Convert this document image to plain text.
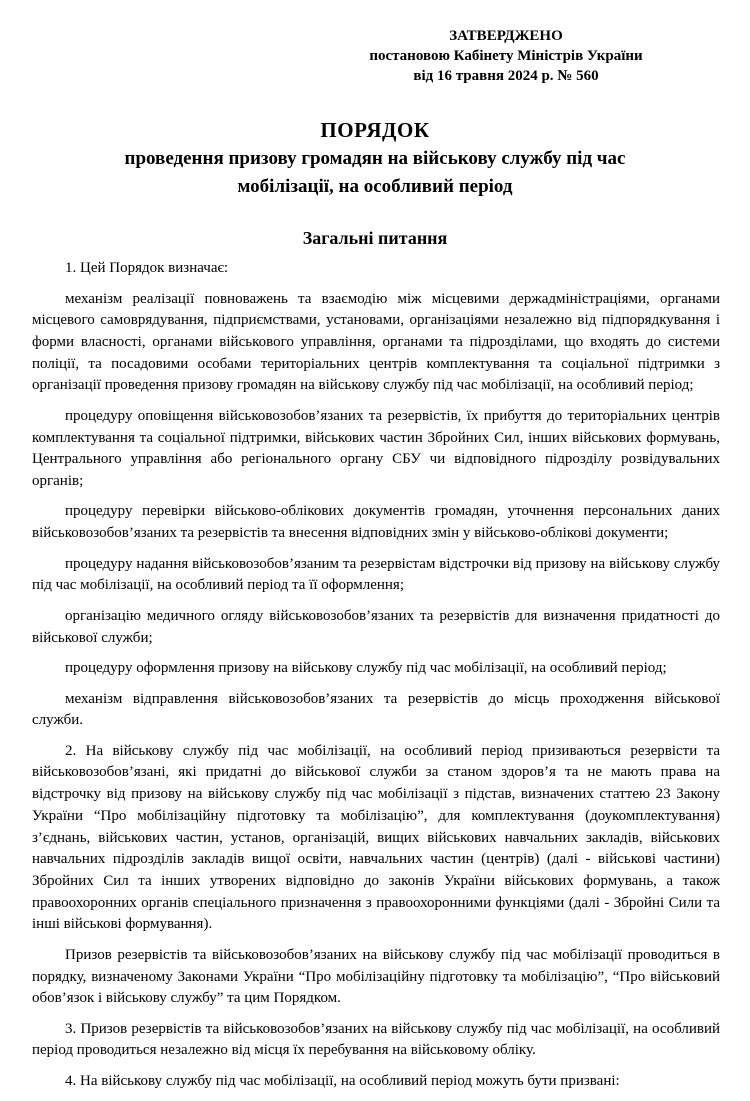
ЗАТВЕРДЖЕНО
постановою Кабінету Міністрів України
від 16 травня 2024 р. № 560
ПОРЯДОК
проведення призову громадян на військову службу під час
мобілізації, на особливий період
Загальні питання

1. Цей Порядок визначає:

механізм реалізації повноважень та взаємодію між місцевими держадміністраціями, органами місцевого самоврядування, підприємствами, установами, організаціями незалежно від підпорядкування і форми власності, органами військового управління, органами та підрозділами, що входять до системи поліції, та посадовими особами територіальних центрів комплектування та соціальної підтримки з організації проведення призову громадян на військову службу під час мобілізації, на особливий період;

процедуру оповіщення військовозобов’язаних та резервістів, їх прибуття до територіальних центрів комплектування та соціальної підтримки, військових частин Збройних Сил, інших військових формувань, Центрального управління або регіонального органу СБУ чи відповідного підрозділу розвідувальних органів;

процедуру перевірки військово-облікових документів громадян, уточнення персональних даних військовозобов’язаних та резервістів та внесення відповідних змін у військово-облікові документи;

процедуру надання військовозобов’язаним та резервістам відстрочки від призову на військову службу під час мобілізації, на особливий період та її оформлення;

організацію медичного огляду військовозобов’язаних та резервістів для визначення придатності до військової служби;

процедуру оформлення призову на військову службу під час мобілізації, на особливий період;

механізм відправлення військовозобов’язаних та резервістів до місць проходження військової служби.

2. На військову службу під час мобілізації, на особливий період призиваються резервісти та військовозобов’язані, які придатні до військової служби за станом здоров’я та не мають права на відстрочку від призову на військову службу під час мобілізації з підстав, визначених статтею 23 Закону України “Про мобілізаційну підготовку та мобілізацію”, для комплектування (доукомплектування) з’єднань, військових частин, установ, організацій, вищих військових навчальних закладів, військових навчальних підрозділів закладів вищої освіти, навчальних частин (центрів) (далі - військові частини) Збройних Сил та інших утворених відповідно до законів України військових формувань, а також правоохоронних органів спеціального призначення з правоохоронними функціями (далі - Збройні Сили та інші військові формування).

Призов резервістів та військовозобов’язаних на військову службу під час мобілізації проводиться в порядку, визначеному Законами України “Про мобілізаційну підготовку та мобілізацію”, “Про військовий обов’язок і військову службу” та цим Порядком.

3. Призов резервістів та військовозобов’язаних на військову службу під час мобілізації, на особливий період проводиться незалежно від місця їх перебування на військовому обліку.

4. На військову службу під час мобілізації, на особливий період можуть бути призвані:
